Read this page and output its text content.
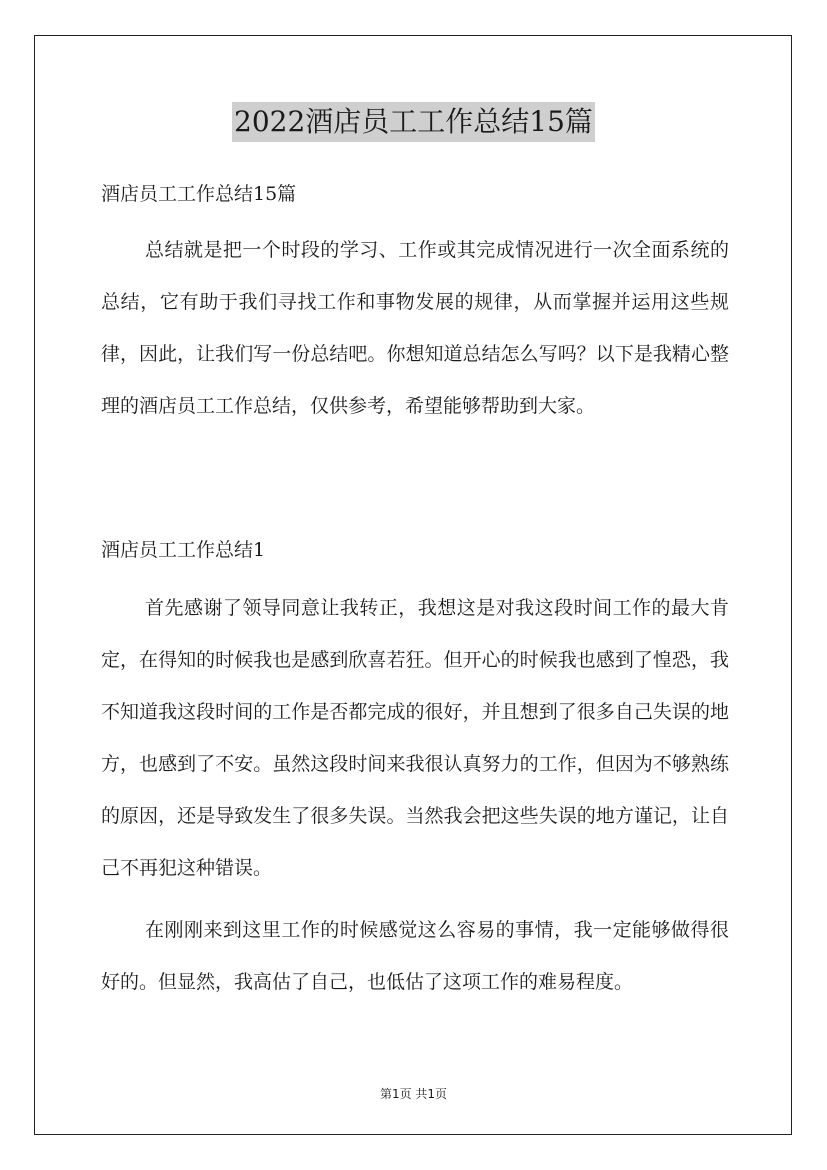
2022酒店员工工作总结15篇

酒店员工工作总结15篇

总结就是把一个时段的学习、工作或其完成情况进行一次全面系统的总结，它有助于我们寻找工作和事物发展的规律，从而掌握并运用这些规律，因此，让我们写一份总结吧。你想知道总结怎么写吗？以下是我精心整理的酒店员工工作总结，仅供参考，希望能够帮助到大家。

酒店员工工作总结1

首先感谢了领导同意让我转正，我想这是对我这段时间工作的最大肯定，在得知的时候我也是感到欣喜若狂。但开心的时候我也感到了惶恐，我不知道我这段时间的工作是否都完成的很好，并且想到了很多自己失误的地方，也感到了不安。虽然这段时间来我很认真努力的工作，但因为不够熟练的原因，还是导致发生了很多失误。当然我会把这些失误的地方谨记，让自己不再犯这种错误。

在刚刚来到这里工作的时候感觉这么容易的事情，我一定能够做得很好的。但显然，我高估了自己，也低估了这项工作的难易程度。

第1页 共1页
